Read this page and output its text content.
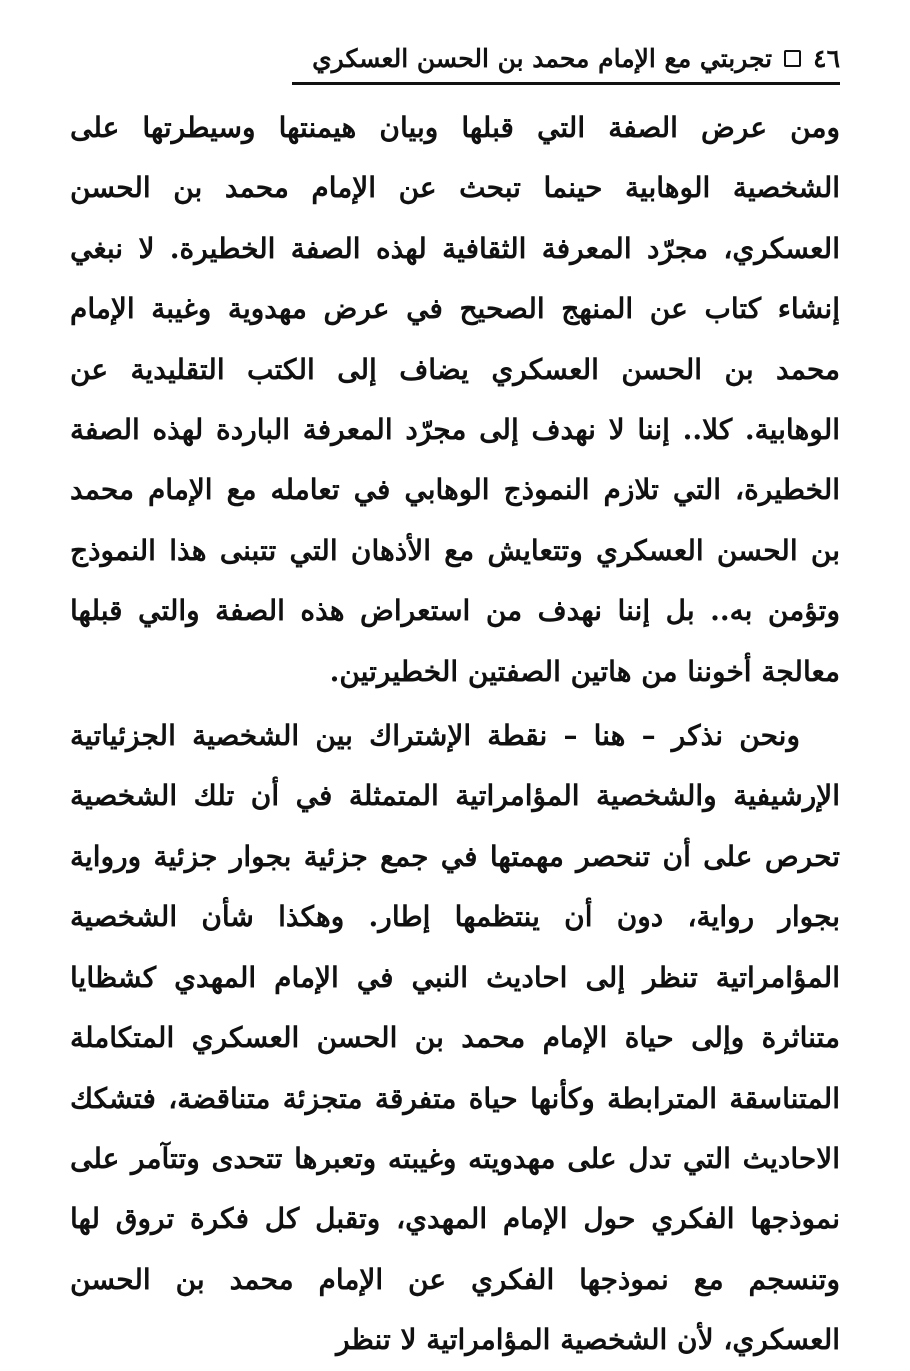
٤٦
تجربتي مع الإمام محمد بن الحسن العسكري

ومن عرض الصفة التي قبلها وبيان هيمنتها وسيطرتها على الشخصية الوهابية حينما تبحث عن الإمام محمد بن الحسن العسكري، مجرّد المعرفة الثقافية لهذه الصفة الخطيرة. لا نبغي إنشاء كتاب عن المنهج الصحيح في عرض مهدوية وغيبة الإمام محمد بن الحسن العسكري يضاف إلى الكتب التقليدية عن الوهابية. كلا.. إننا لا نهدف إلى مجرّد المعرفة الباردة لهذه الصفة الخطيرة، التي تلازم النموذج الوهابي في تعامله مع الإمام محمد بن الحسن العسكري وتتعايش مع الأذهان التي تتبنى هذا النموذج وتؤمن به.. بل إننا نهدف من استعراض هذه الصفة والتي قبلها معالجة أخوننا من هاتين الصفتين الخطيرتين.

ونحن نذكر – هنا – نقطة الإشتراك بين الشخصية الجزئياتية الإرشيفية والشخصية المؤامراتية المتمثلة في أن تلك الشخصية تحرص على أن تنحصر مهمتها في جمع جزئية بجوار جزئية ورواية بجوار رواية، دون أن ينتظمها إطار. وهكذا شأن الشخصية المؤامراتية تنظر إلى احاديث النبي في الإمام المهدي كشظايا متناثرة وإلى حياة الإمام محمد بن الحسن العسكري المتكاملة المتناسقة المترابطة وكأنها حياة متفرقة متجزئة متناقضة، فتشكك الاحاديث التي تدل على مهدويته وغيبته وتعبرها تتحدى وتتآمر على نموذجها الفكري حول الإمام المهدي، وتقبل كل فكرة تروق لها وتنسجم مع نموذجها الفكري عن الإمام محمد بن الحسن العسكري، لأن الشخصية المؤامراتية لا تنظر
